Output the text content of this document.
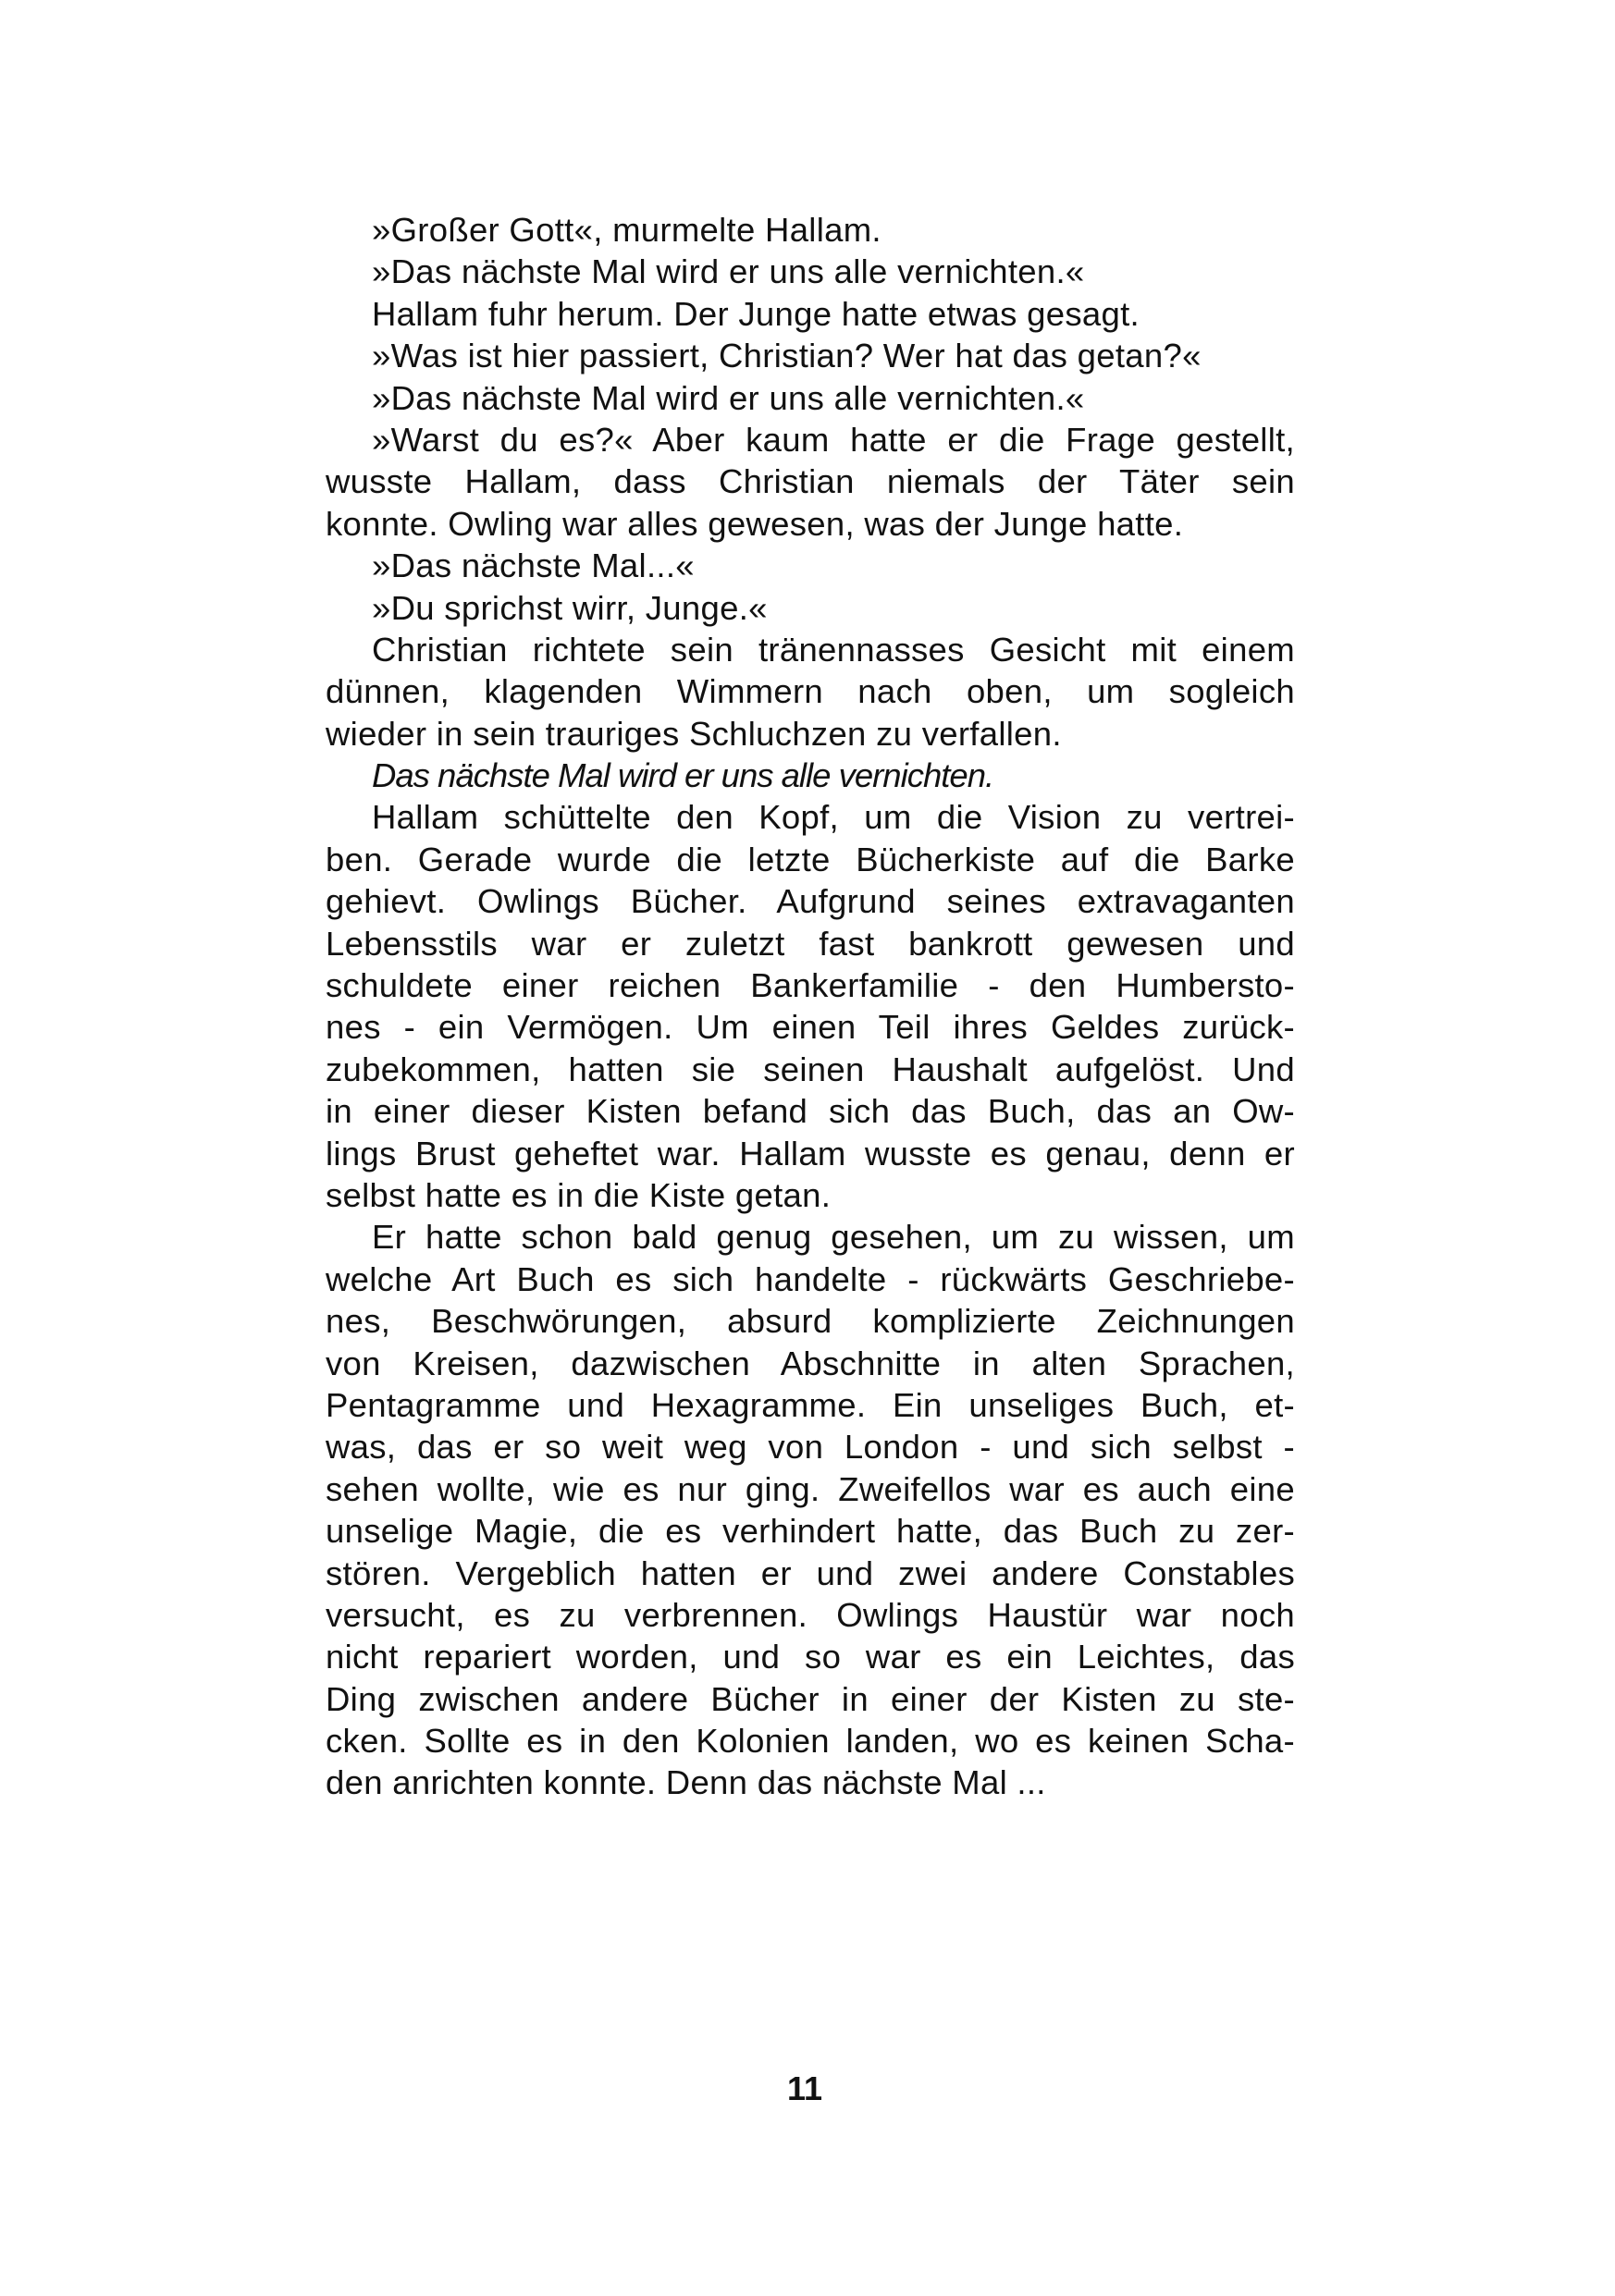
»Großer Gott«, murmelte Hallam.
»Das nächste Mal wird er uns alle vernichten.«
Hallam fuhr herum. Der Junge hatte etwas gesagt.
»Was ist hier passiert, Christian? Wer hat das getan?«
»Das nächste Mal wird er uns alle vernichten.«
»Warst du es?« Aber kaum hatte er die Frage gestellt,
wusste Hallam, dass Christian niemals der Täter sein
konnte. Owling war alles gewesen, was der Junge hatte.
»Das nächste Mal...«
»Du sprichst wirr, Junge.«
Christian richtete sein tränennasses Gesicht mit einem
dünnen, klagenden Wimmern nach oben, um sogleich
wieder in sein trauriges Schluchzen zu verfallen.
Das nächste Mal wird er uns alle vernichten.
Hallam schüttelte den Kopf, um die Vision zu vertrei-
ben. Gerade wurde die letzte Bücherkiste auf die Barke
gehievt. Owlings Bücher. Aufgrund seines extravaganten
Lebensstils war er zuletzt fast bankrott gewesen und
schuldete einer reichen Bankerfamilie - den Humbersto-
nes - ein Vermögen. Um einen Teil ihres Geldes zurück-
zubekommen, hatten sie seinen Haushalt aufgelöst. Und
in einer dieser Kisten befand sich das Buch, das an Ow-
lings Brust geheftet war. Hallam wusste es genau, denn er
selbst hatte es in die Kiste getan.
Er hatte schon bald genug gesehen, um zu wissen, um
welche Art Buch es sich handelte - rückwärts Geschriebe-
nes, Beschwörungen, absurd komplizierte Zeichnungen
von Kreisen, dazwischen Abschnitte in alten Sprachen,
Pentagramme und Hexagramme. Ein unseliges Buch, et-
was, das er so weit weg von London - und sich selbst -
sehen wollte, wie es nur ging. Zweifellos war es auch eine
unselige Magie, die es verhindert hatte, das Buch zu zer-
stören. Vergeblich hatten er und zwei andere Constables
versucht, es zu verbrennen. Owlings Haustür war noch
nicht repariert worden, und so war es ein Leichtes, das
Ding zwischen andere Bücher in einer der Kisten zu ste-
cken. Sollte es in den Kolonien landen, wo es keinen Scha-
den anrichten konnte. Denn das nächste Mal ...
11
